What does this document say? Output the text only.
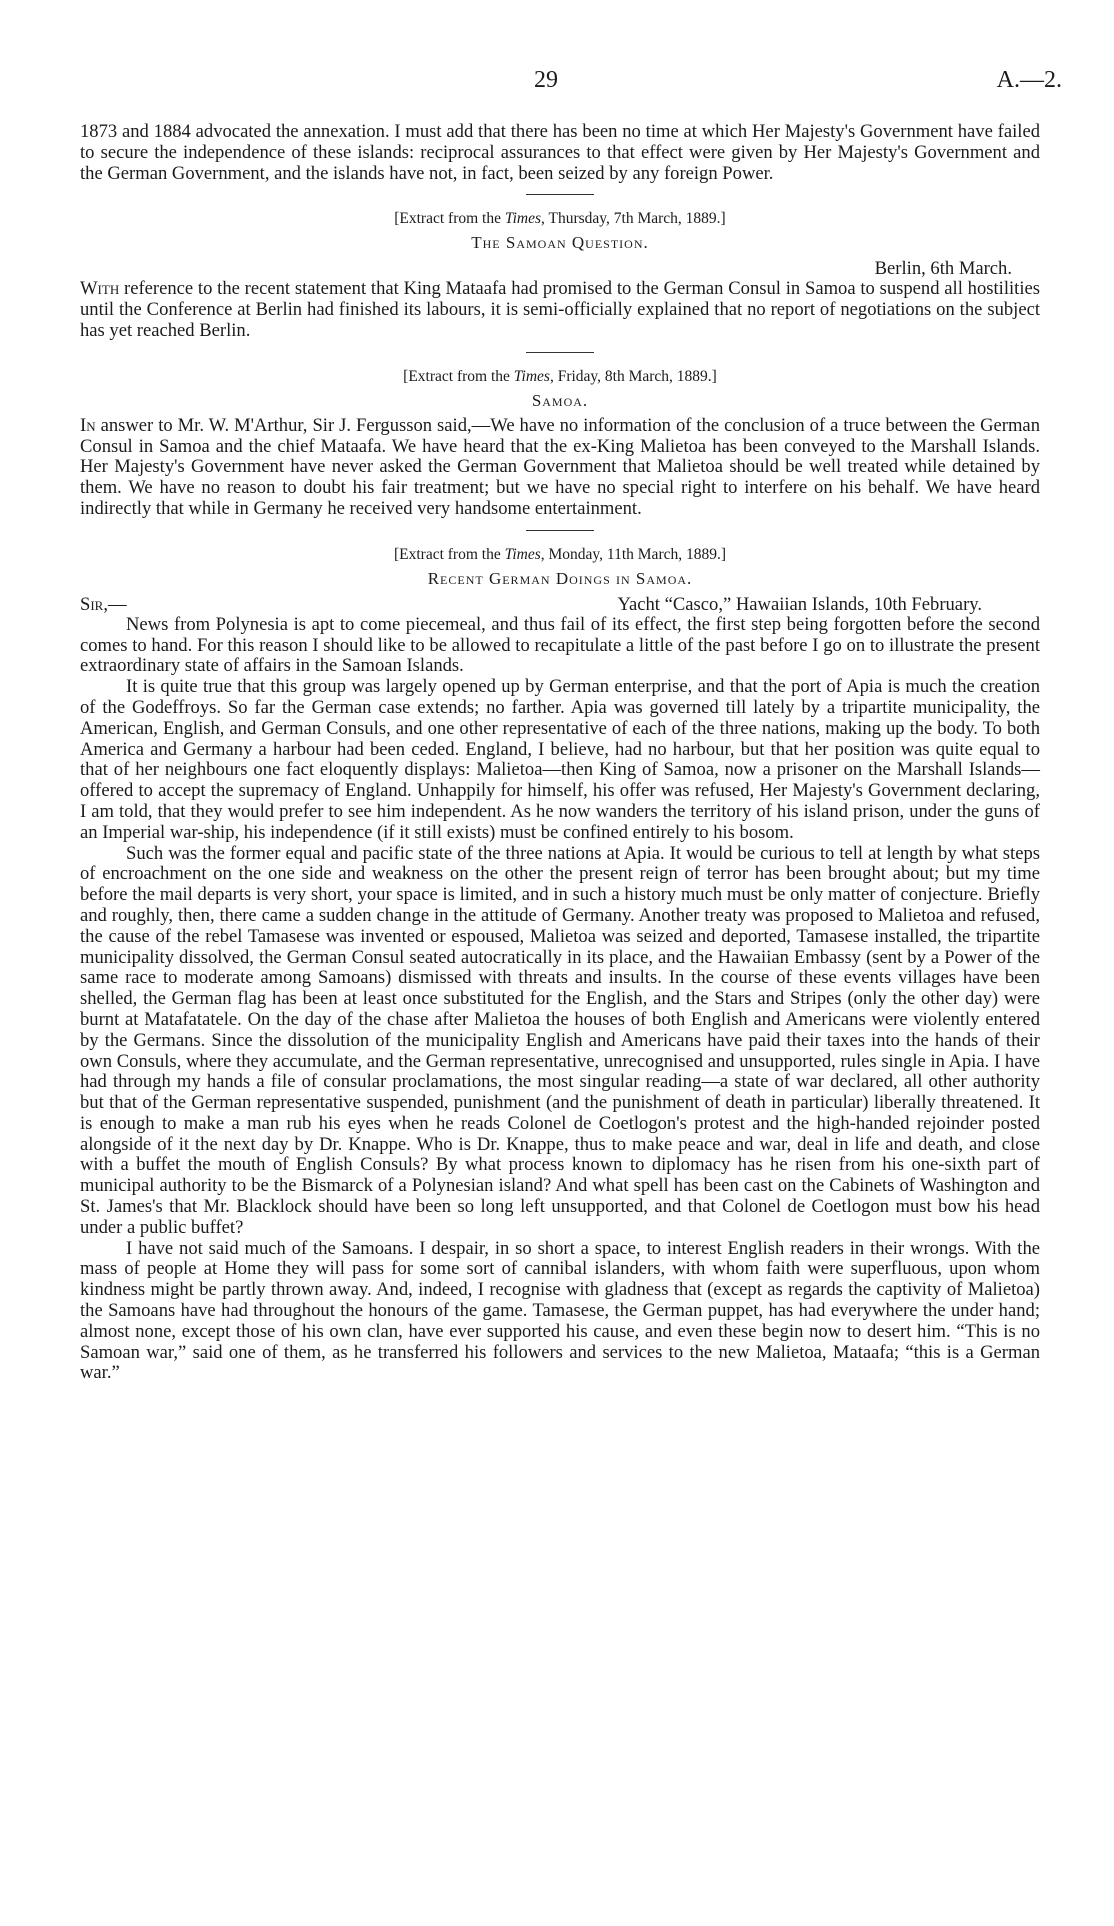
29	A.—2.

1873 and 1884 advocated the annexation. I must add that there has been no time at which Her Majesty's Government have failed to secure the independence of these islands: reciprocal assurances to that effect were given by Her Majesty's Government and the German Government, and the islands have not, in fact, been seized by any foreign Power.

[Extract from the Times, Thursday, 7th March, 1889.]
The Samoan Question.
Berlin, 6th March.

With reference to the recent statement that King Mataafa had promised to the German Consul in Samoa to suspend all hostilities until the Conference at Berlin had finished its labours, it is semi-officially explained that no report of negotiations on the subject has yet reached Berlin.

[Extract from the Times, Friday, 8th March, 1889.]
Samoa.

In answer to Mr. W. M'Arthur, Sir J. Fergusson said,—We have no information of the conclusion of a truce between the German Consul in Samoa and the chief Mataafa. We have heard that the ex-King Malietoa has been conveyed to the Marshall Islands. Her Majesty's Government have never asked the German Government that Malietoa should be well treated while detained by them. We have no reason to doubt his fair treatment; but we have no special right to interfere on his behalf. We have heard indirectly that while in Germany he received very handsome entertainment.

[Extract from the Times, Monday, 11th March, 1889.]
Recent German Doings in Samoa.
Sir,—	Yacht “Casco,” Hawaiian Islands, 10th February.

News from Polynesia is apt to come piecemeal, and thus fail of its effect, the first step being forgotten before the second comes to hand. For this reason I should like to be allowed to recapitulate a little of the past before I go on to illustrate the present extraordinary state of affairs in the Samoan Islands.

It is quite true that this group was largely opened up by German enterprise, and that the port of Apia is much the creation of the Godeffroys. So far the German case extends; no farther. Apia was governed till lately by a tripartite municipality, the American, English, and German Consuls, and one other representative of each of the three nations, making up the body. To both America and Germany a harbour had been ceded. England, I believe, had no harbour, but that her position was quite equal to that of her neighbours one fact eloquently displays: Malietoa—then King of Samoa, now a prisoner on the Marshall Islands—offered to accept the supremacy of England. Unhappily for himself, his offer was refused, Her Majesty's Government declaring, I am told, that they would prefer to see him independent. As he now wanders the territory of his island prison, under the guns of an Imperial war-ship, his independence (if it still exists) must be confined entirely to his bosom.

Such was the former equal and pacific state of the three nations at Apia. It would be curious to tell at length by what steps of encroachment on the one side and weakness on the other the present reign of terror has been brought about; but my time before the mail departs is very short, your space is limited, and in such a history much must be only matter of conjecture. Briefly and roughly, then, there came a sudden change in the attitude of Germany. Another treaty was proposed to Malietoa and refused, the cause of the rebel Tamasese was invented or espoused, Malietoa was seized and deported, Tamasese installed, the tripartite municipality dissolved, the German Consul seated autocratically in its place, and the Hawaiian Embassy (sent by a Power of the same race to moderate among Samoans) dismissed with threats and insults. In the course of these events villages have been shelled, the German flag has been at least once substituted for the English, and the Stars and Stripes (only the other day) were burnt at Matafatatele. On the day of the chase after Malietoa the houses of both English and Americans were violently entered by the Germans. Since the dissolution of the municipality English and Americans have paid their taxes into the hands of their own Consuls, where they accumulate, and the German representative, unrecognised and unsupported, rules single in Apia. I have had through my hands a file of consular proclamations, the most singular reading—a state of war declared, all other authority but that of the German representative suspended, punishment (and the punishment of death in particular) liberally threatened. It is enough to make a man rub his eyes when he reads Colonel de Coetlogon's protest and the high-handed rejoinder posted alongside of it the next day by Dr. Knappe. Who is Dr. Knappe, thus to make peace and war, deal in life and death, and close with a buffet the mouth of English Consuls? By what process known to diplomacy has he risen from his one-sixth part of municipal authority to be the Bismarck of a Polynesian island? And what spell has been cast on the Cabinets of Washington and St. James's that Mr. Blacklock should have been so long left unsupported, and that Colonel de Coetlogon must bow his head under a public buffet?

I have not said much of the Samoans. I despair, in so short a space, to interest English readers in their wrongs. With the mass of people at Home they will pass for some sort of cannibal islanders, with whom faith were superfluous, upon whom kindness might be partly thrown away. And, indeed, I recognise with gladness that (except as regards the captivity of Malietoa) the Samoans have had throughout the honours of the game. Tamasese, the German puppet, has had everywhere the under hand; almost none, except those of his own clan, have ever supported his cause, and even these begin now to desert him. “This is no Samoan war,” said one of them, as he transferred his followers and services to the new Malietoa, Mataafa; “this is a German war.”
